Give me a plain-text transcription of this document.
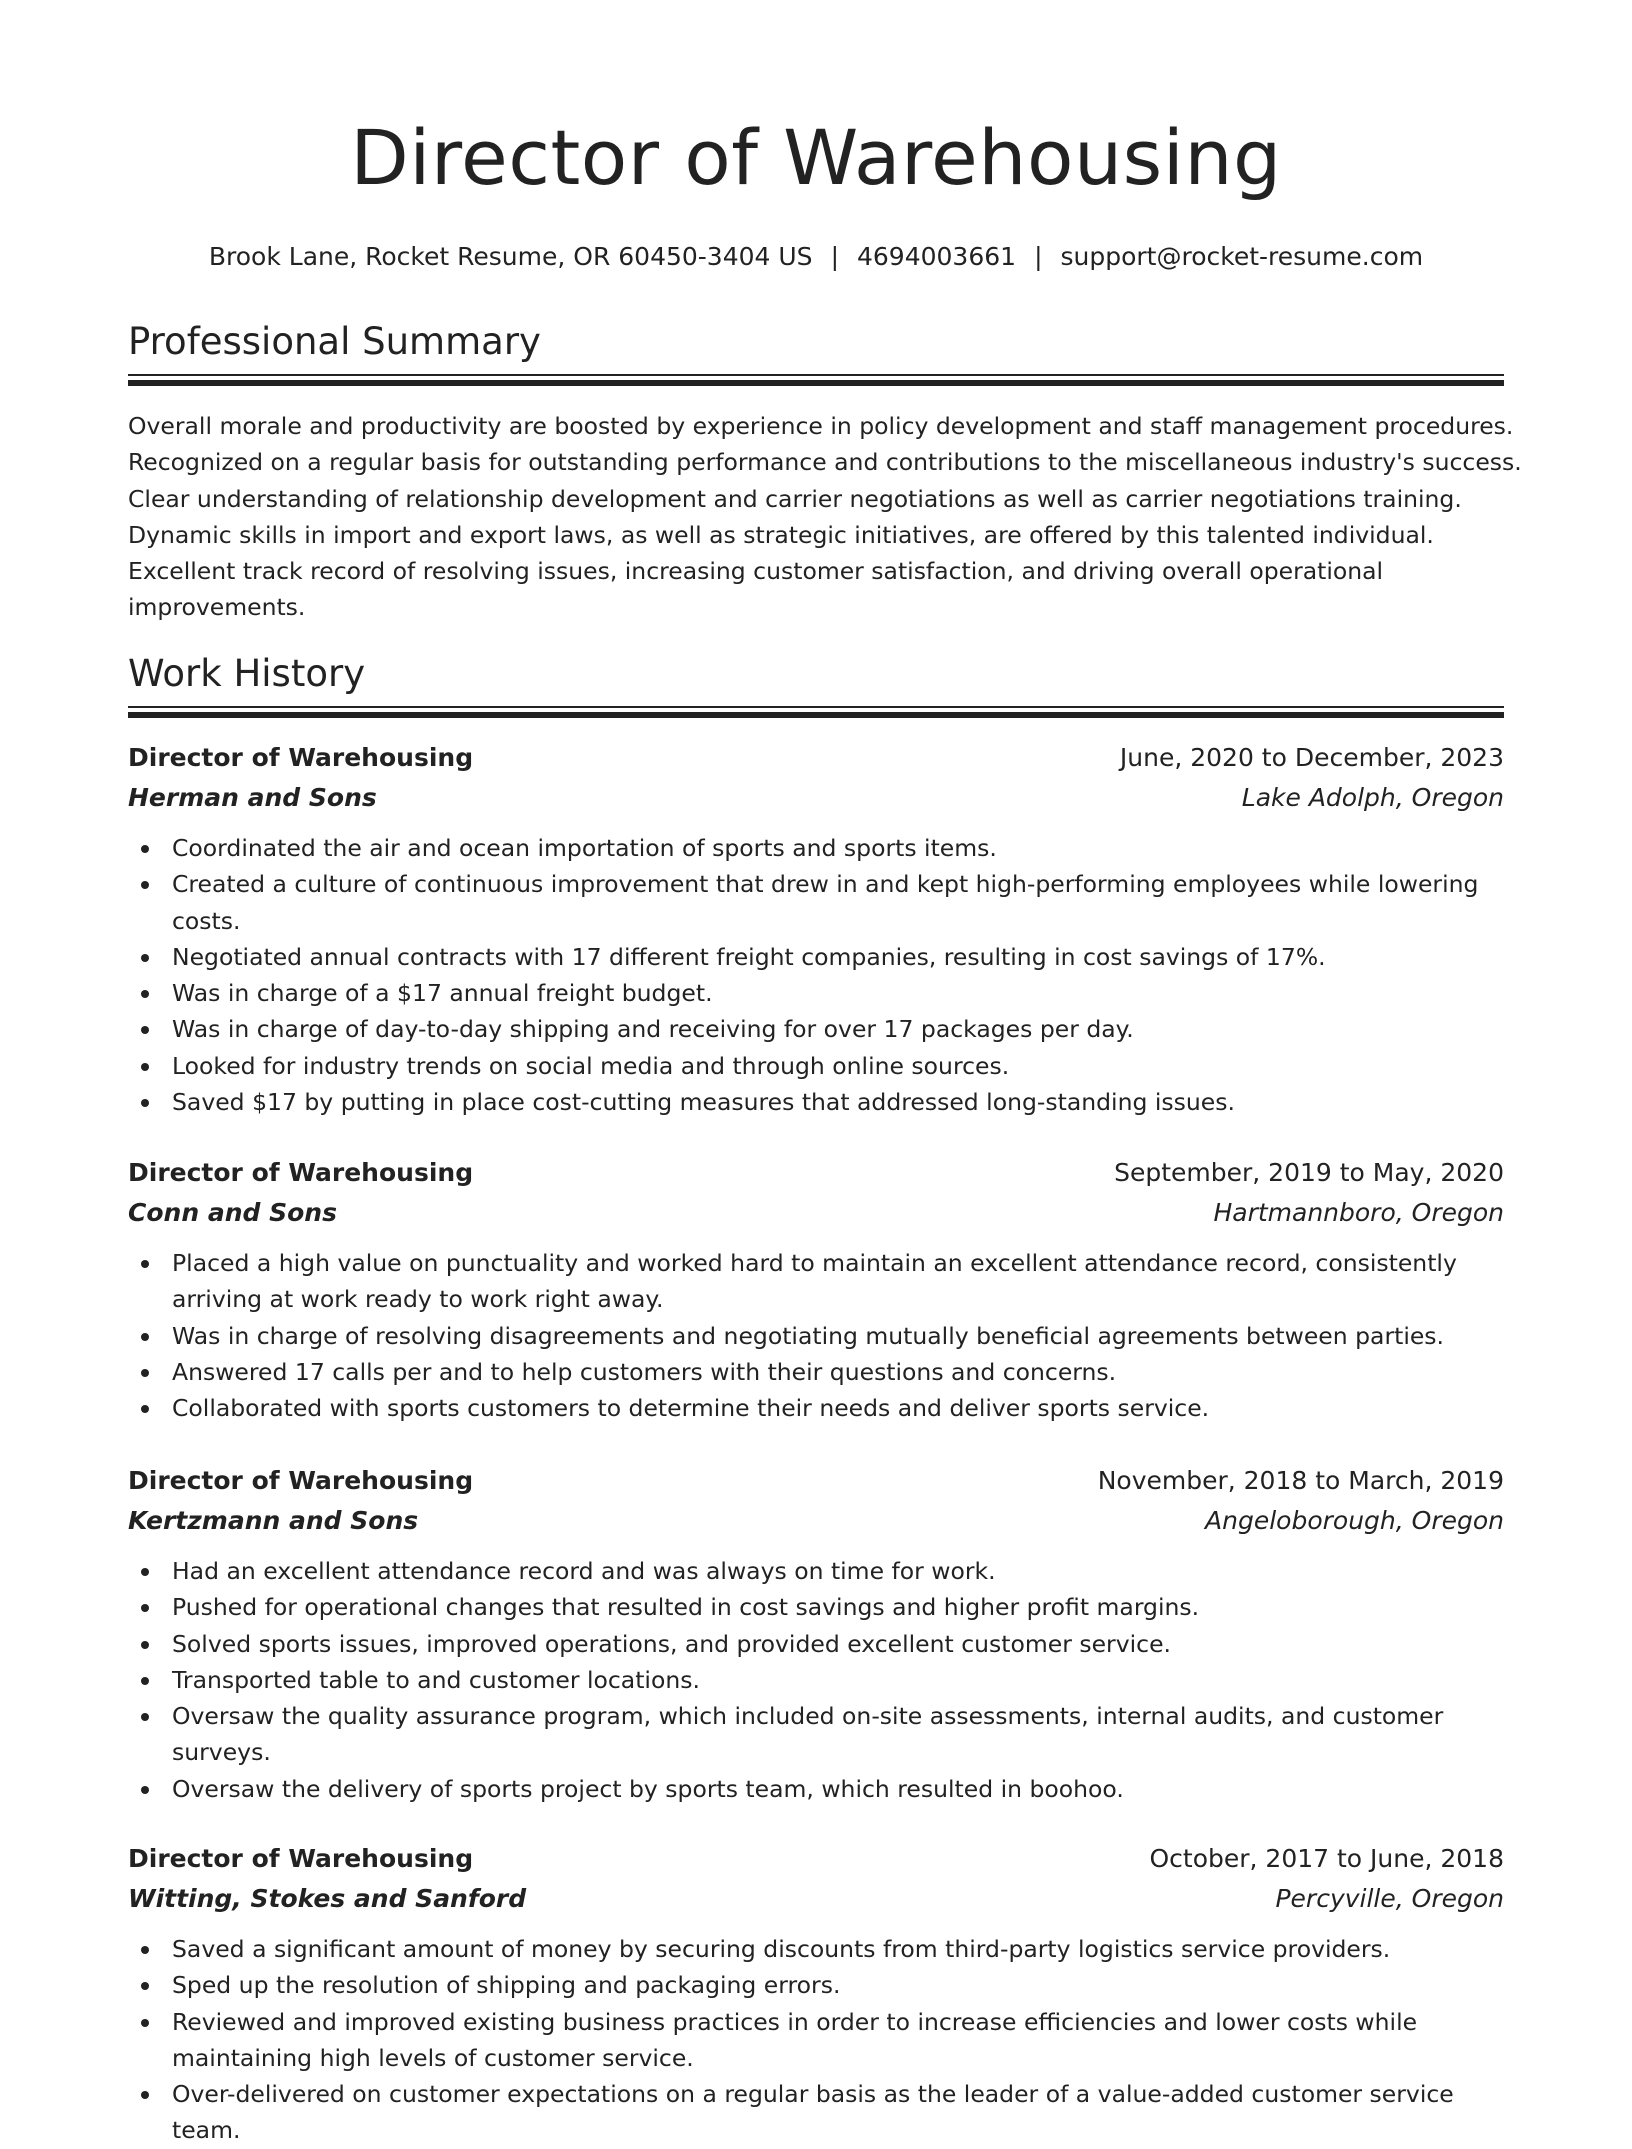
Director of Warehousing
Brook Lane, Rocket Resume, OR 60450-3404 US | 4694003661 | support@rocket-resume.com
Professional Summary

Overall morale and productivity are boosted by experience in policy development and staff management procedures.
Recognized on a regular basis for outstanding performance and contributions to the miscellaneous industry's success.
Clear understanding of relationship development and carrier negotiations as well as carrier negotiations training.
Dynamic skills in import and export laws, as well as strategic initiatives, are offered by this talented individual.
Excellent track record of resolving issues, increasing customer satisfaction, and driving overall operational
improvements.

Work History
Director of Warehousing	June, 2020 to December, 2023
Herman and Sons	Lake Adolph, Oregon
Coordinated the air and ocean importation of sports and sports items.
Created a culture of continuous improvement that drew in and kept high-performing employees while lowering costs.
Negotiated annual contracts with 17 different freight companies, resulting in cost savings of 17%.
Was in charge of a $17 annual freight budget.
Was in charge of day-to-day shipping and receiving for over 17 packages per day.
Looked for industry trends on social media and through online sources.
Saved $17 by putting in place cost-cutting measures that addressed long-standing issues.
Director of Warehousing	September, 2019 to May, 2020
Conn and Sons	Hartmannboro, Oregon
Placed a high value on punctuality and worked hard to maintain an excellent attendance record, consistently arriving at work ready to work right away.
Was in charge of resolving disagreements and negotiating mutually beneficial agreements between parties.
Answered 17 calls per and to help customers with their questions and concerns.
Collaborated with sports customers to determine their needs and deliver sports service.
Director of Warehousing	November, 2018 to March, 2019
Kertzmann and Sons	Angeloborough, Oregon
Had an excellent attendance record and was always on time for work.
Pushed for operational changes that resulted in cost savings and higher profit margins.
Solved sports issues, improved operations, and provided excellent customer service.
Transported table to and customer locations.
Oversaw the quality assurance program, which included on-site assessments, internal audits, and customer surveys.
Oversaw the delivery of sports project by sports team, which resulted in boohoo.
Director of Warehousing	October, 2017 to June, 2018
Witting, Stokes and Sanford	Percyville, Oregon
Saved a significant amount of money by securing discounts from third-party logistics service providers.
Sped up the resolution of shipping and packaging errors.
Reviewed and improved existing business practices in order to increase efficiencies and lower costs while maintaining high levels of customer service.
Over-delivered on customer expectations on a regular basis as the leader of a value-added customer service team.
